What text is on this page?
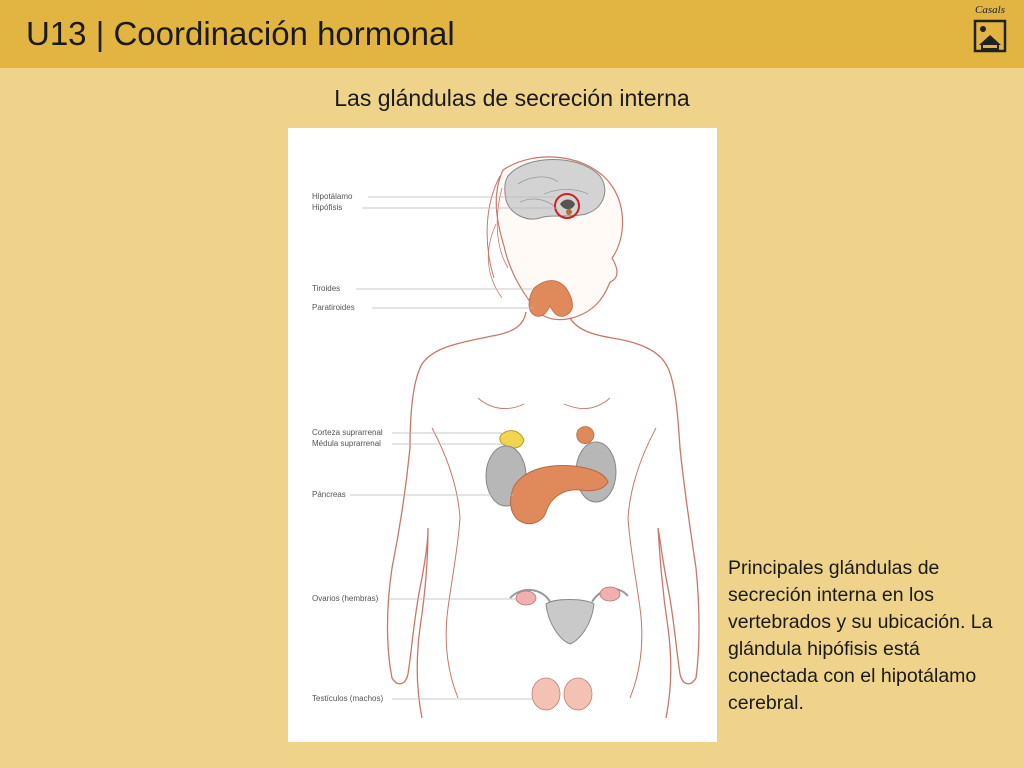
U13 | Coordinación hormonal
Casals
Las glándulas de secreción interna
Hipotálamo
Hipófisis
Tiroides
Paratiroides
Corteza suprarrenal
Médula suprarrenal
Páncreas
Ovarios (hembras)
Testículos (machos)
Principales glándulas de secreción interna en los vertebrados y su ubicación. La glándula hipófisis está conectada con el hipotálamo cerebral.
